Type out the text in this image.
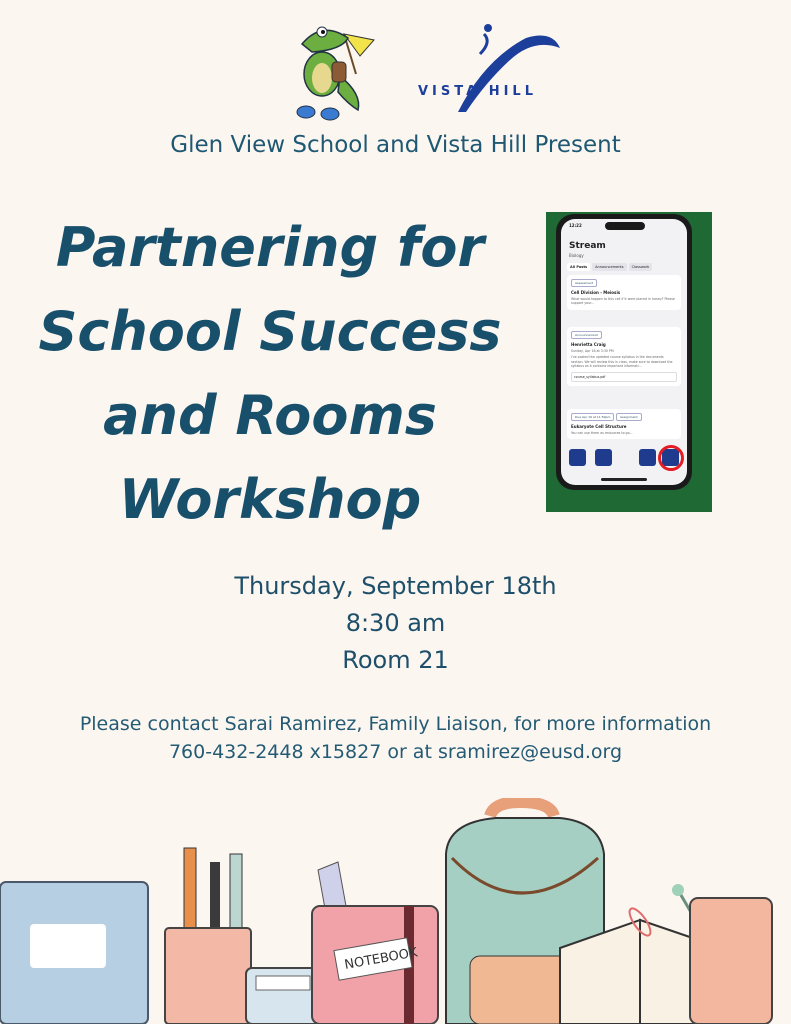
VISTA HILL
Glen View School and Vista Hill Present
Partnering for
School Success
and Rooms
Workshop
12:22
Stream
Biology
All Posts	Announcements	Classwork
Assessment
Cell Division - Meiosis
What would happen to this cell if it were placed in honey? Please support your...
Announcement
Henrietta Craig
Sunday, Apr 16 at 3:30 PM
I've posted the updated course syllabus in the documents section. We will review this in class, make sure to download the syllabus as it contains important informati...
course_syllabus.pdf
Due Apr 16 at 11:59pm	Assignment
Eukaryote Cell Structure
You can use them as resources to go...
Thursday, September 18th
8:30 am
Room 21
Please contact Sarai Ramirez, Family Liaison, for more information
760-432-2448 x15827 or at sramirez@eusd.org
NOTEBOOK
